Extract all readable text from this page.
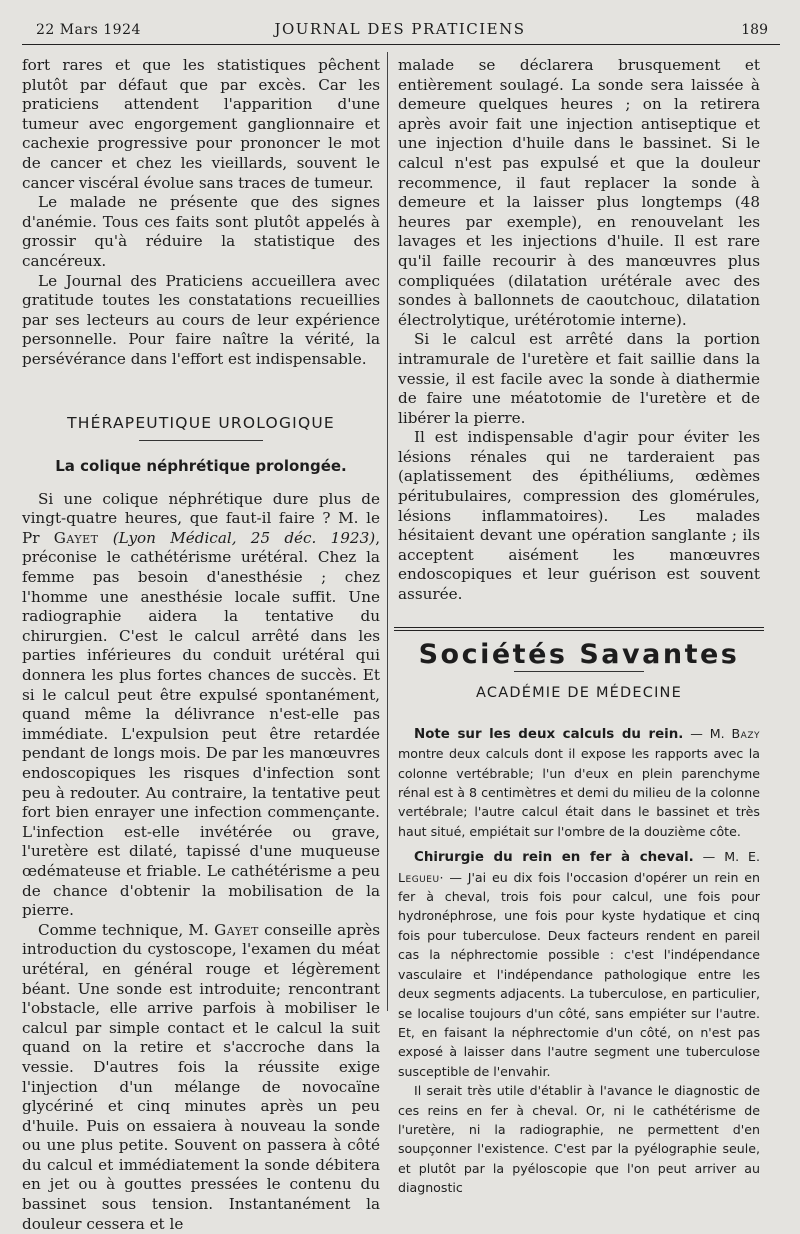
22 Mars 1924	JOURNAL DES PRATICIENS	189

fort rares et que les statistiques pêchent plutôt par défaut que par excès. Car les praticiens attendent l'apparition d'une tumeur avec engorgement ganglionnaire et cachexie progressive pour prononcer le mot de cancer et chez les vieillards, souvent le cancer viscéral évolue sans traces de tumeur.

Le malade ne présente que des signes d'anémie. Tous ces faits sont plutôt appelés à grossir qu'à réduire la statistique des cancéreux.

Le Journal des Praticiens accueillera avec gratitude toutes les constatations recueillies par ses lecteurs au cours de leur expérience personnelle. Pour faire naître la vérité, la persévérance dans l'effort est indispensable.

THÉRAPEUTIQUE UROLOGIQUE
La colique néphrétique prolongée.

Si une colique néphrétique dure plus de vingt-quatre heures, que faut-il faire ? M. le Pr Gayet (Lyon Médical, 25 déc. 1923), préconise le cathétérisme urétéral. Chez la femme pas besoin d'anesthésie ; chez l'homme une anesthésie locale suffit. Une radiographie aidera la tentative du chirurgien. C'est le calcul arrêté dans les parties inférieures du conduit urétéral qui donnera les plus fortes chances de succès. Et si le calcul peut être expulsé spontanément, quand même la délivrance n'est-elle pas immédiate. L'expulsion peut être retardée pendant de longs mois. De par les manœuvres endoscopiques les risques d'infection sont peu à redouter. Au contraire, la tentative peut fort bien enrayer une infection commençante. L'infection est-elle invétérée ou grave, l'uretère est dilaté, tapissé d'une muqueuse œdémateuse et friable. Le cathétérisme a peu de chance d'obtenir la mobilisation de la pierre.

Comme technique, M. Gayet conseille après introduction du cystoscope, l'examen du méat urétéral, en général rouge et légèrement béant. Une sonde est introduite; rencontrant l'obstacle, elle arrive parfois à mobiliser le calcul par simple contact et le calcul la suit quand on la retire et s'accroche dans la vessie. D'autres fois la réussite exige l'injection d'un mélange de novocaïne glycériné et cinq minutes après un peu d'huile. Puis on essaiera à nouveau la sonde ou une plus petite. Souvent on passera à côté du calcul et immédiatement la sonde débitera en jet ou à gouttes pressées le contenu du bassinet sous tension. Instantanément la douleur cessera et le

malade se déclarera brusquement et entièrement soulagé. La sonde sera laissée à demeure quelques heures ; on la retirera après avoir fait une injection antiseptique et une injection d'huile dans le bassinet. Si le calcul n'est pas expulsé et que la douleur recommence, il faut replacer la sonde à demeure et la laisser plus longtemps (48 heures par exemple), en renouvelant les lavages et les injections d'huile. Il est rare qu'il faille recourir à des manœuvres plus compliquées (dilatation urétérale avec des sondes à ballonnets de caoutchouc, dilatation électrolytique, urétérotomie interne).

Si le calcul est arrêté dans la portion intramurale de l'uretère et fait saillie dans la vessie, il est facile avec la sonde à diathermie de faire une méatotomie de l'uretère et de libérer la pierre.

Il est indispensable d'agir pour éviter les lésions rénales qui ne tarderaient pas (aplatissement des épithéliums, œdèmes péritubulaires, compression des glomérules, lésions inflammatoires). Les malades hésitaient devant une opération sanglante ; ils acceptent aisément les manœuvres endoscopiques et leur guérison est souvent assurée.

Sociétés Savantes
ACADÉMIE DE MÉDECINE

Note sur les deux calculs du rein. — M. Bazy montre deux calculs dont il expose les rapports avec la colonne vertébrable; l'un d'eux en plein parenchyme rénal est à 8 centimètres et demi du milieu de la colonne vertébrale; l'autre calcul était dans le bassinet et très haut situé, empiétait sur l'ombre de la douzième côte.

Chirurgie du rein en fer à cheval. — M. E. Legueu· — J'ai eu dix fois l'occasion d'opérer un rein en fer à cheval, trois fois pour calcul, une fois pour hydronéphrose, une fois pour kyste hydatique et cinq fois pour tuberculose. Deux facteurs rendent en pareil cas la néphrectomie possible : c'est l'indépendance vasculaire et l'indépendance pathologique entre les deux segments adjacents. La tuberculose, en particulier, se localise toujours d'un côté, sans empiéter sur l'autre. Et, en faisant la néphrectomie d'un côté, on n'est pas exposé à laisser dans l'autre segment une tuberculose susceptible de l'envahir.

Il serait très utile d'établir à l'avance le diagnostic de ces reins en fer à cheval. Or, ni le cathétérisme de l'uretère, ni la radiographie, ne permettent d'en soupçonner l'existence. C'est par la pyélographie seule, et plutôt par la pyéloscopie que l'on peut arriver au diagnostic
